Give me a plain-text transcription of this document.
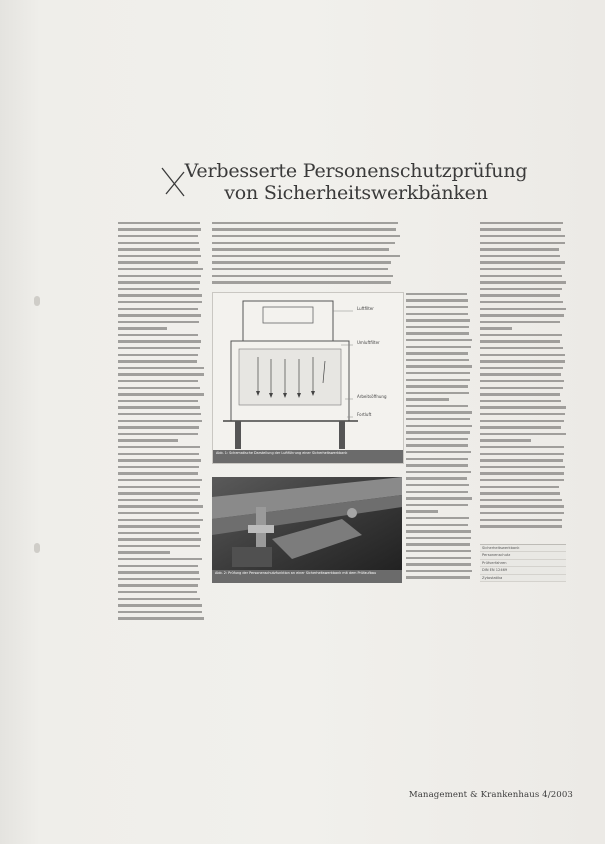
Verbesserte Personenschutzprüfung
von Sicherheitswerkbänken
Luftfilter
Umluftfilter
Arbeitsöffnung
Fortluft
Abb. 1: Schematische Darstellung der Luftführung einer Sicherheitswerkbank
Abb. 2: Prüfung der Personenschutzfunktion an einer Sicherheitswerkbank mit dem Prüfaufbau
Sicherheitswerkbank
Personenschutz
Prüfverfahren
DIN EN 12469
Zytostatika
Management & Krankenhaus 4/2003
